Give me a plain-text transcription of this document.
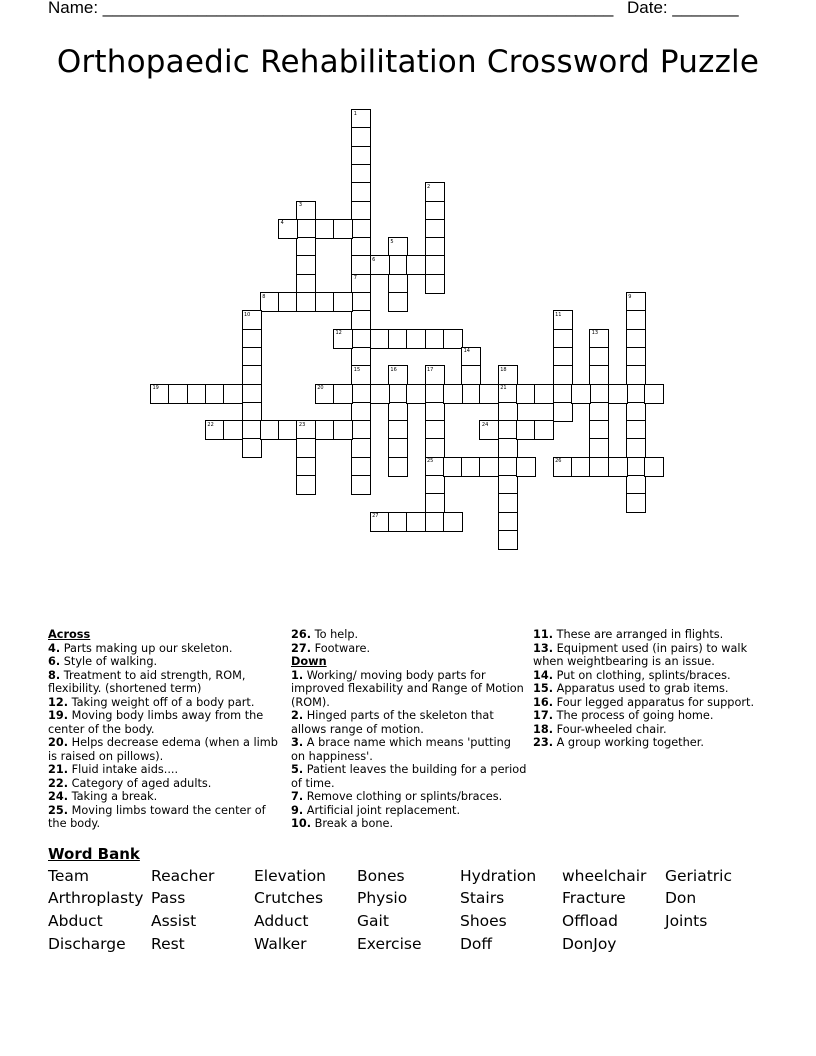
Name: ______________________________________________________ Date: _______
Orthopaedic Rehabilitation Crossword Puzzle
1
2
3
4
5
6
7
8	9
10	11
12	13
14
15	16	17	18
19	20	21
22	23	24
25	26
27
Across
4. Parts making up our skeleton.
6. Style of walking.
8. Treatment to aid strength, ROM, flexibility. (shortened term)
12. Taking weight off of a body part.
19. Moving body limbs away from the center of the body.
20. Helps decrease edema (when a limb is raised on pillows).
21. Fluid intake aids....
22. Category of aged adults.
24. Taking a break.
25. Moving limbs toward the center of the body.
26. To help.
27. Footware.
Down
1. Working/ moving body parts for improved flexability and Range of Motion (ROM).
2. Hinged parts of the skeleton that allows range of motion.
3. A brace name which means 'putting on happiness'.
5. Patient leaves the building for a period of time.
7. Remove clothing or splints/braces.
9. Artificial joint replacement.
10. Break a bone.
11. These are arranged in flights.
13. Equipment used (in pairs) to walk when weightbearing is an issue.
14. Put on clothing, splints/braces.
15. Apparatus used to grab items.
16. Four legged apparatus for support.
17. The process of going home.
18. Four-wheeled chair.
23. A group working together.
Word Bank
Team	Reacher	Elevation Bones	Hydration wheelchair Geriatric
Arthroplasty Pass	Crutches Physio	Stairs	Fracture	Don
Abduct	Assist	Adduct	Gait	Shoes	Offload	Joints
Discharge Rest	Walker	Exercise Doff	DonJoy
